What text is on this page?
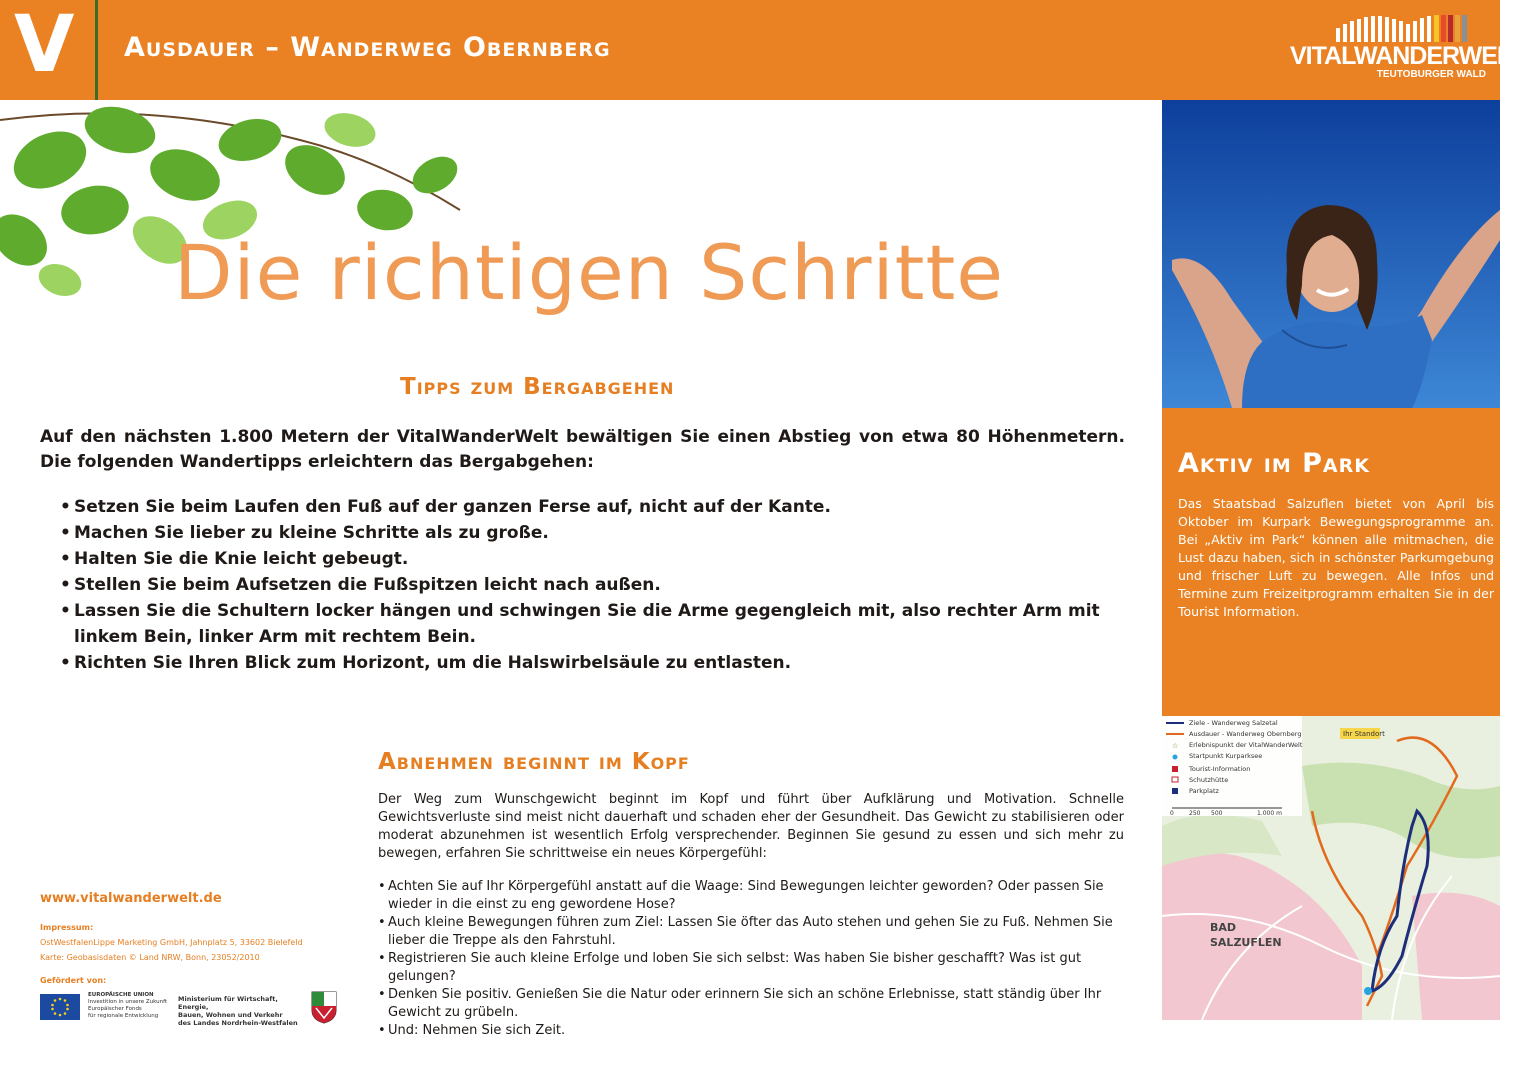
V Ausdauer – Wanderweg Obernberg	VITALWANDERWELT
TEUTOBURGER WALD
Die richtigen Schritte
Tipps zum Bergabgehen

Auf den nächsten 1.800 Metern der VitalWanderWelt bewältigen Sie einen Abstieg von etwa 80 Höhenmetern. Die folgenden Wandertipps erleichtern das Bergabgehen:

• Setzen Sie beim Laufen den Fuß auf der ganzen Ferse auf, nicht auf der Kante.
• Machen Sie lieber zu kleine Schritte als zu große.
• Halten Sie die Knie leicht gebeugt.
• Stellen Sie beim Aufsetzen die Fußspitzen leicht nach außen.
• Lassen Sie die Schultern locker hängen und schwingen Sie die Arme gegengleich mit, also rechter Arm mit linkem Bein, linker Arm mit rechtem Bein.
• Richten Sie Ihren Blick zum Horizont, um die Halswirbelsäule zu entlasten.
Abnehmen beginnt im Kopf

Der Weg zum Wunschgewicht beginnt im Kopf und führt über Aufklärung und Motivation. Schnelle Gewichtsverluste sind meist nicht dauerhaft und schaden eher der Gesundheit. Das Gewicht zu stabilisieren oder moderat abzunehmen ist wesentlich Erfolg versprechender. Beginnen Sie gesund zu essen und sich mehr zu bewegen, erfahren Sie schrittweise ein neues Körpergefühl:

• Achten Sie auf Ihr Körpergefühl anstatt auf die Waage: Sind Bewegungen leichter geworden? Oder passen Sie wieder in die einst zu eng gewordene Hose?
• Auch kleine Bewegungen führen zum Ziel: Lassen Sie öfter das Auto stehen und gehen Sie zu Fuß. Nehmen Sie lieber die Treppe als den Fahrstuhl.
• Registrieren Sie auch kleine Erfolge und loben Sie sich selbst: Was haben Sie bisher geschafft? Was ist gut gelungen?
• Denken Sie positiv. Genießen Sie die Natur oder erinnern Sie sich an schöne Erlebnisse, statt ständig über Ihr Gewicht zu grübeln.
• Und: Nehmen Sie sich Zeit.
www.vitalwanderwelt.de
Impressum:
OstWestfalenLippe Marketing GmbH, Jahnplatz 5, 33602 Bielefeld
Karte: Geobasisdaten © Land NRW, Bonn, 23052/2010
Gefördert von:
EUROPÄISCHE UNION
Investition in unsere Zukunft
Europäischer Fonds
für regionale Entwicklung
Ministerium für Wirtschaft, Energie,
Bauen, Wohnen und Verkehr
des Landes Nordrhein-Westfalen
Aktiv im Park

Das Staatsbad Salzuflen bietet von April bis Oktober im Kurpark Bewegungsprogramme an. Bei „Aktiv im Park“ können alle mitmachen, die Lust dazu haben, sich in schönster Parkumgebung und frischer Luft zu bewegen. Alle Infos und Termine zum Freizeitprogramm erhalten Sie in der Tourist Information.

☆
Ziele - Wanderweg Salzetal
Ausdauer - Wanderweg Obernberg
Erlebnispunkt der VitalWanderWelt
Startpunkt Kurparksee
Tourist-Information
Schutzhütte
Parkplatz
0	250 500	1.000 m
Ihr Standort
BAD
SALZUFLEN
